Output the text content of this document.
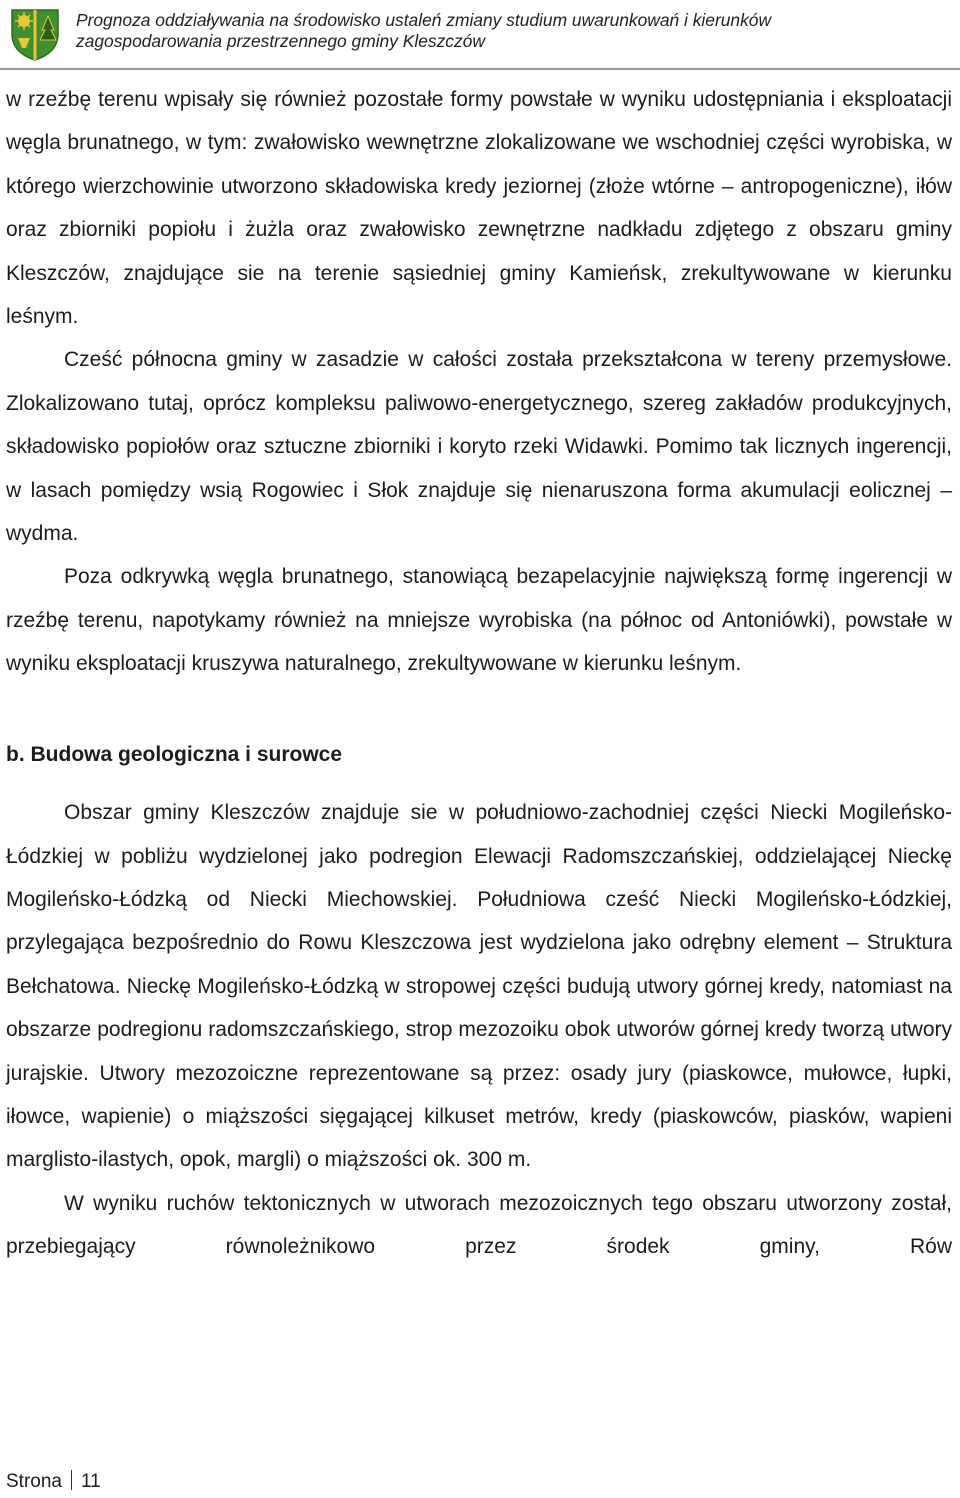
Prognoza oddziaływania na środowisko ustaleń zmiany studium uwarunkowań i kierunków
zagospodarowania przestrzennego gminy Kleszczów

w rzeźbę terenu wpisały się również pozostałe formy powstałe w wyniku udostępniania i eksploatacji węgla brunatnego, w tym: zwałowisko wewnętrzne zlokalizowane we wschodniej części wyrobiska, w którego wierzchowinie utworzono składowiska kredy jeziornej (złoże wtórne – antropogeniczne), iłów oraz zbiorniki popiołu i żużla oraz zwałowisko zewnętrzne nadkładu zdjętego z obszaru gminy Kleszczów, znajdujące sie na terenie sąsiedniej gminy Kamieńsk, zrekultywowane w kierunku leśnym.

Cześć północna gminy w zasadzie w całości została przekształcona w tereny przemysłowe. Zlokalizowano tutaj, oprócz kompleksu paliwowo-energetycznego, szereg zakładów produkcyjnych, składowisko popiołów oraz sztuczne zbiorniki i koryto rzeki Widawki. Pomimo tak licznych ingerencji, w lasach pomiędzy wsią Rogowiec i Słok znajduje się nienaruszona forma akumulacji eolicznej – wydma.

Poza odkrywką węgla brunatnego, stanowiącą bezapelacyjnie największą formę ingerencji w rzeźbę terenu, napotykamy również na mniejsze wyrobiska (na północ od Antoniówki), powstałe w wyniku eksploatacji kruszywa naturalnego, zrekultywowane w kierunku leśnym.

b. Budowa geologiczna i surowce

Obszar gminy Kleszczów znajduje sie w południowo-zachodniej części Niecki Mogileńsko-Łódzkiej w pobliżu wydzielonej jako podregion Elewacji Radomszczańskiej, oddzielającej Nieckę Mogileńsko-Łódzką od Niecki Miechowskiej. Południowa cześć Niecki Mogileńsko-Łódzkiej, przylegająca bezpośrednio do Rowu Kleszczowa jest wydzielona jako odrębny element – Struktura Bełchatowa. Nieckę Mogileńsko-Łódzką w stropowej części budują utwory górnej kredy, natomiast na obszarze podregionu radomszczańskiego, strop mezozoiku obok utworów górnej kredy tworzą utwory jurajskie. Utwory mezozoiczne reprezentowane są przez: osady jury (piaskowce, mułowce, łupki, iłowce, wapienie) o miąższości sięgającej kilkuset metrów, kredy (piaskowców, piasków, wapieni marglisto-ilastych, opok, margli) o miąższości ok. 300 m.

W wyniku ruchów tektonicznych w utworach mezozoicznych tego obszaru utworzony został, przebiegający równoleżnikowo przez środek gminy, Rów

Strona 11
